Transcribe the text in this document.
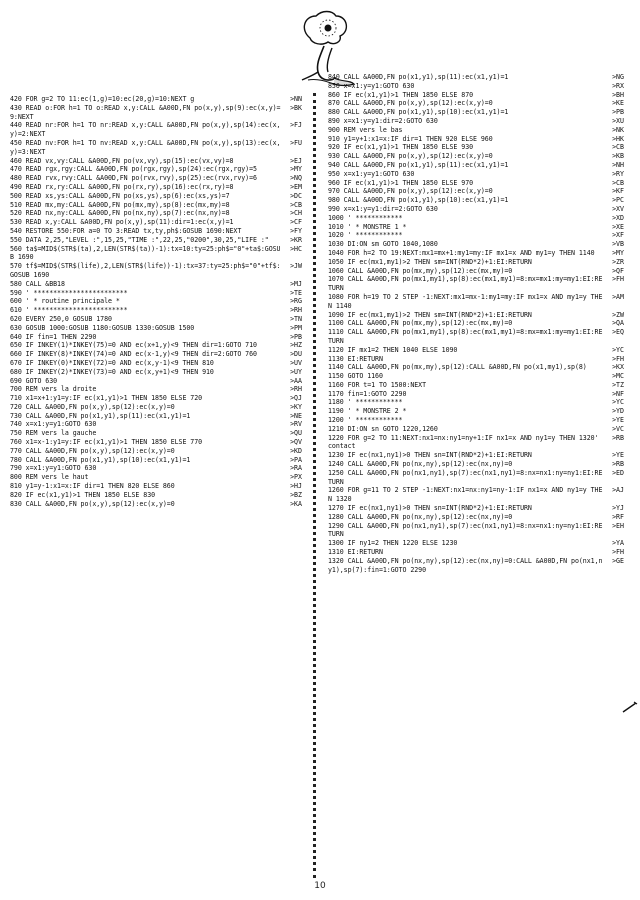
420 FOR g=2 TO 11:ec(1,g)=10:ec(20,g)=10:NEXT g	>NN
430 READ o:FOR h=1 TO o:READ x,y:CALL &A00D,FN po(x,y),sp(9):ec(x,y)=9:NEXT
>BK
440 READ nr:FOR h=1 TO nr:READ x,y:CALL &A00D,FN po(x,y),sp(14):ec(x,y)=2:NEXT
>FJ
450 READ nv:FOR h=1 TO nv:READ x,y:CALL &A00D,FN po(x,y),sp(13):ec(x,y)=3:NEXT
>FU
460 READ vx,vy:CALL &A00D,FN po(vx,vy),sp(15):ec(vx,vy)=8	>EJ
470 READ rgx,rgy:CALL &A00D,FN po(rgx,rgy),sp(24):ec(rgx,rgy)=5	>MY
480 READ rvx,rvy:CALL &A00D,FN po(rvx,rvy),sp(25):ec(rvx,rvy)=6	>NQ
490 READ rx,ry:CALL &A00D,FN po(rx,ry),sp(16):ec(rx,ry)=8	>EM
500 READ xs,ys:CALL &A00D,FN po(xs,ys),sp(6):ec(xs,ys)=7	>DC
510 READ mx,my:CALL &A00D,FN po(mx,my),sp(8):ec(mx,my)=8	>CB
520 READ nx,ny:CALL &A00D,FN po(nx,ny),sp(7):ec(nx,ny)=8	>CH
530 READ x,y:CALL &A00D,FN po(x,y),sp(11):dir=1:ec(x,y)=1	>CF
540 RESTORE 550:FOR a=0 TO 3:READ tx,ty,ph$:GOSUB 1690:NEXT	>FY
550 DATA 2,25,"LEVEL :",15,25,"TIME :",22,25,"0200",30,25,"LIFE :"	>KR
560 ta$=MID$(STR$(ta),2,LEN(STR$(ta))-1):tx=10:ty=25:ph$="0"+ta$:GOSUB 1690
>HC
570 tf$=MID$(STR$(life),2,LEN(STR$(life))-1):tx=37:ty=25:ph$="0"+tf$:GOSUB 1690
>JW
580 CALL &BB18	>MJ
590 ' ************************	>TE
600 ' * routine principale *	>RG
610 ' ************************	>RH
620 EVERY 250,0 GOSUB 1780	>TN
630 GOSUB 1000:GOSUB 1180:GOSUB 1330:GOSUB 1500	>PM
640 IF fin=1 THEN 2290	>PB
650 IF INKEY(1)*INKEY(75)=0 AND ec(x+1,y)<9 THEN dir=1:GOTO 710	>HZ
660 IF INKEY(8)*INKEY(74)=0 AND ec(x-1,y)<9 THEN dir=2:GOTO 760	>DU
670 IF INKEY(0)*INKEY(72)=0 AND ec(x,y-1)<9 THEN 810	>UV
680 IF INKEY(2)*INKEY(73)=0 AND ec(x,y+1)<9 THEN 910	>UY
690 GOTO 630	>AA
700 REM vers la droite	>RH
710 x1=x+1:y1=y:IF ec(x1,y1)>1 THEN 1850 ELSE 720	>QJ
720 CALL &A00D,FN po(x,y),sp(12):ec(x,y)=0	>KY
730 CALL &A00D,FN po(x1,y1),sp(11):ec(x1,y1)=1	>NE
740 x=x1:y=y1:GOTO 630	>RV
750 REM vers la gauche	>QU
760 x1=x-1:y1=y:IF ec(x1,y1)>1 THEN 1850 ELSE 770	>QV
770 CALL &A00D,FN po(x,y),sp(12):ec(x,y)=0	>KD
780 CALL &A00D,FN po(x1,y1),sp(10):ec(x1,y1)=1	>PA
790 x=x1:y=y1:GOTO 630	>RA
800 REM vers le haut	>PX
810 y1=y-1:x1=x:IF dir=1 THEN 820 ELSE 860	>HJ
820 IF ec(x1,y1)>1 THEN 1850 ELSE 830	>BZ
830 CALL &A00D,FN po(x,y),sp(12):ec(x,y)=0	>KA
840 CALL &A00D,FN po(x1,y1),sp(11):ec(x1,y1)=1	>NG
850 x=x1:y=y1:GOTO 630	>RX
860 IF ec(x1,y1)>1 THEN 1850 ELSE 870	>BH
870 CALL &A00D,FN po(x,y),sp(12):ec(x,y)=0	>KE
880 CALL &A00D,FN po(x1,y1),sp(10):ec(x1,y1)=1	>PB
890 x=x1:y=y1:dir=2:GOTO 630	>XU
900 REM vers le bas	>NK
910 y1=y+1:x1=x:IF dir=1 THEN 920 ELSE 960	>HK
920 IF ec(x1,y1)>1 THEN 1850 ELSE 930	>CB
930 CALL &A00D,FN po(x,y),sp(12):ec(x,y)=0	>KB
940 CALL &A00D,FN po(x1,y1),sp(11):ec(x1,y1)=1	>NH
950 x=x1:y=y1:GOTO 630	>RY
960 IF ec(x1,y1)>1 THEN 1850 ELSE 970	>CB
970 CALL &A00D,FN po(x,y),sp(12):ec(x,y)=0	>KF
980 CALL &A00D,FN po(x1,y1),sp(10):ec(x1,y1)=1	>PC
990 x=x1:y=y1:dir=2:GOTO 630	>XV
1000 ' ************	>XD
1010 ' * MONSTRE 1 *	>XE
1020 ' ************	>XF
1030 DI:ON sm GOTO 1040,1080	>VB
1040 FOR h=2 TO 19:NEXT:mx1=mx+1:my1=my:IF mx1=x AND my1=y THEN 1140	>MY
1050 IF ec(mx1,my1)>2 THEN sm=INT(RND*2)+1:EI:RETURN	>ZR
1060 CALL &A00D,FN po(mx,my),sp(12):ec(mx,my)=0	>QF
1070 CALL &A00D,FN po(mx1,my1),sp(8):ec(mx1,my1)=8:mx=mx1:my=my1:EI:RETURN
>FH
1080 FOR h=19 TO 2 STEP -1:NEXT:mx1=mx-1:my1=my:IF mx1=x AND my1=y THEN 1140
>AM
1090 IF ec(mx1,my1)>2 THEN sm=INT(RND*2)+1:EI:RETURN	>ZW
1100 CALL &A00D,FN po(mx,my),sp(12):ec(mx,my)=0	>QA
1110 CALL &A00D,FN po(mx1,my1),sp(8):ec(mx1,my1)=8:mx=mx1:my=my1:EI:RETURN
>EQ
1120 IF mx1=2 THEN 1040 ELSE 1090	>YC
1130 EI:RETURN	>FH
1140 CALL &A00D,FN po(mx,my),sp(12):CALL &A00D,FN po(x1,my1),sp(8)	>KX
1150 GOTO 1160	>MC
1160 FOR t=1 TO 1500:NEXT	>TZ
1170 fin=1:GOTO 2290	>NF
1180 ' ************	>YC
1190 ' * MONSTRE 2 *	>YD
1200 ' ************	>YE
1210 DI:ON sn GOTO 1220,1260	>VC
1220 FOR g=2 TO 11:NEXT:nx1=nx:ny1=ny+1:IF nx1=x AND ny1=y THEN 1320' contact
>RB
1230 IF ec(nx1,ny1)>0 THEN sn=INT(RND*2)+1:EI:RETURN	>YE
1240 CALL &A00D,FN po(nx,ny),sp(12):ec(nx,ny)=0	>RB
1250 CALL &A00D,FN po(nx1,ny1),sp(7):ec(nx1,ny1)=8:nx=nx1:ny=ny1:EI:RETURN
>ED
1260 FOR g=11 TO 2 STEP -1:NEXT:nx1=nx:ny1=ny-1:IF nx1=x AND ny1=y THEN 1320
>AJ
1270 IF ec(nx1,ny1)>0 THEN sn=INT(RND*2)+1:EI:RETURN	>YJ
1280 CALL &A00D,FN po(nx,ny),sp(12):ec(nx,ny)=0	>RF
1290 CALL &A00D,FN po(nx1,ny1),sp(7):ec(nx1,ny1)=8:nx=nx1:ny=ny1:EI:RETURN
>EH
1300 IF ny1=2 THEN 1220 ELSE 1230	>YA
1310 EI:RETURN	>FH
1320 CALL &A00D,FN po(nx,ny),sp(12):ec(nx,ny)=0:CALL &A00D,FN po(nx1,ny1),sp(7):fin=1:GOTO 2290
>GE
10
